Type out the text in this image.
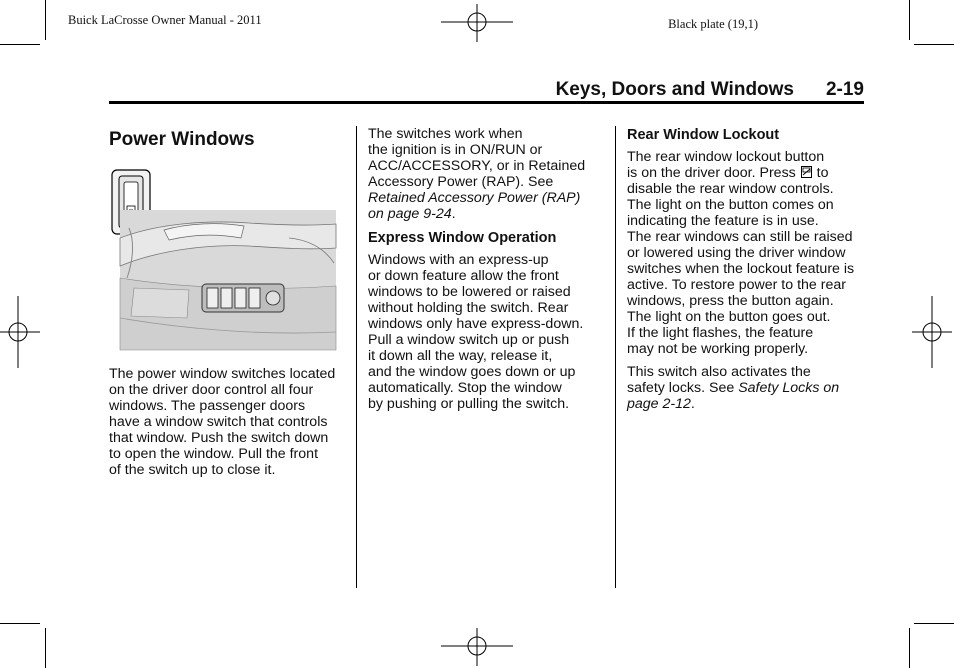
Buick LaCrosse Owner Manual - 2011	Black plate (19,1)
Keys, Doors and Windows 2-19
Power Windows

The power window switches located
on the driver door control all four
windows. The passenger doors
have a window switch that controls
that window. Push the switch down
to open the window. Pull the front
of the switch up to close it.

The switches work when
the ignition is in ON/RUN or
ACC/ACCESSORY, or in Retained
Accessory Power (RAP). See
Retained Accessory Power (RAP)
on page 9-24.

Express Window Operation

Windows with an express-up
or down feature allow the front
windows to be lowered or raised
without holding the switch. Rear
windows only have express-down.
Pull a window switch up or push
it down all the way, release it,
and the window goes down or up
automatically. Stop the window
by pushing or pulling the switch.

Rear Window Lockout

The rear window lockout button
is on the driver door. Press to
disable the rear window controls.
The light on the button comes on
indicating the feature is in use.
The rear windows can still be raised
or lowered using the driver window
switches when the lockout feature is
active. To restore power to the rear
windows, press the button again.
The light on the button goes out.
If the light flashes, the feature
may not be working properly.

This switch also activates the
safety locks. See Safety Locks on
page 2-12.
